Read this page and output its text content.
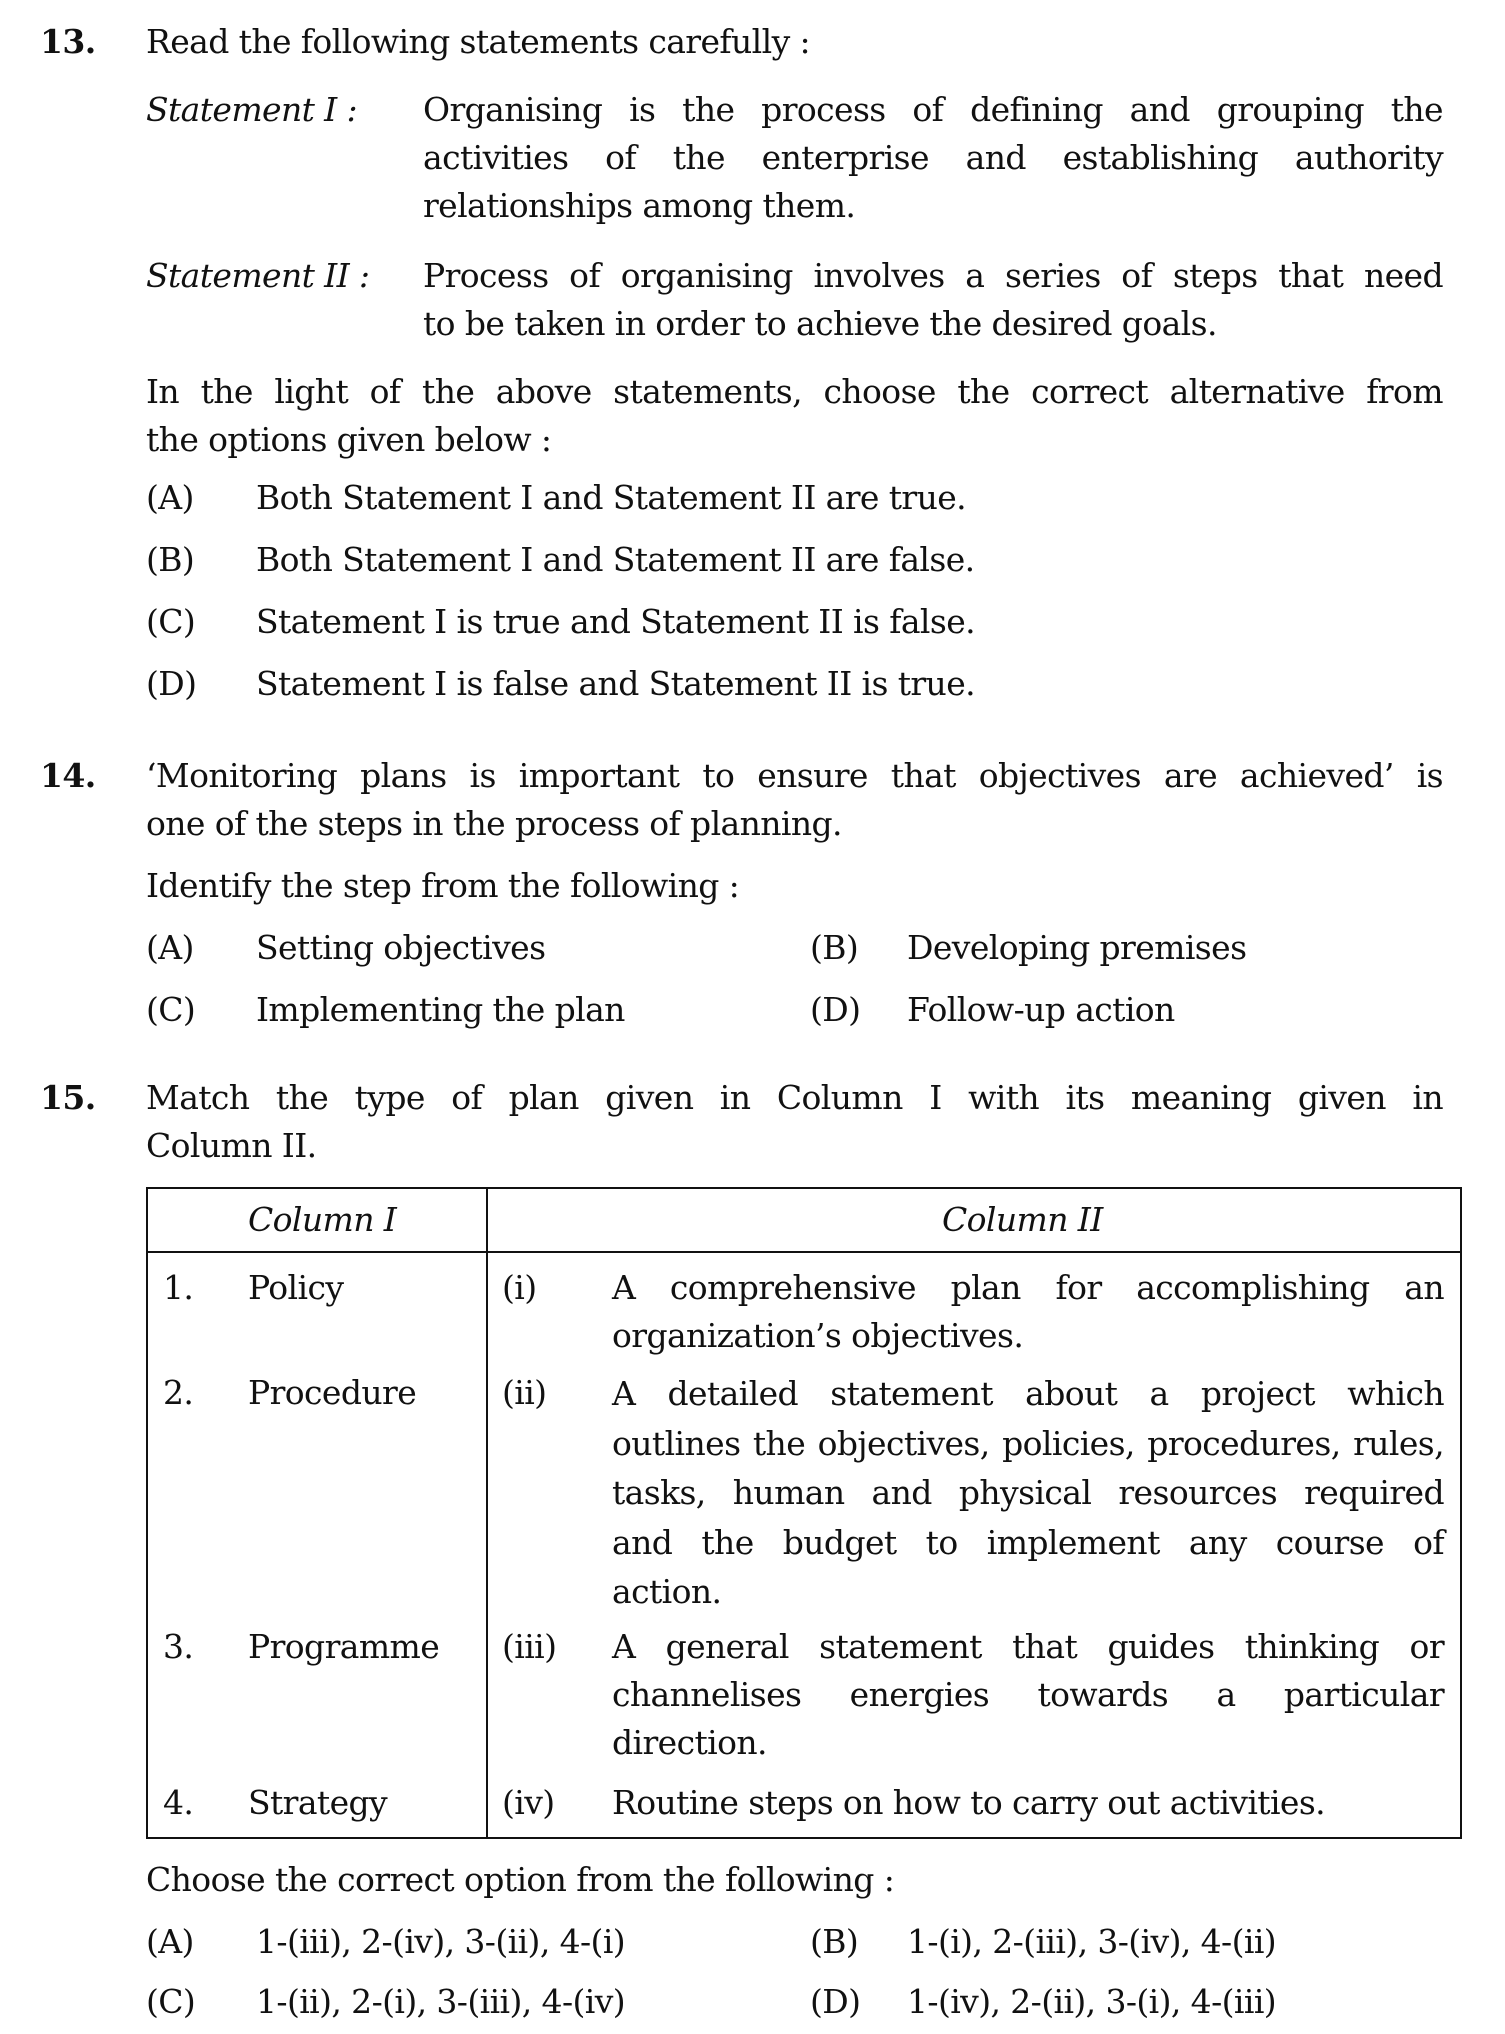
13. Read the following statements carefully :
Statement I : Organising is the process of defining and grouping the
activities of the enterprise and establishing authority
relationships among them.
Statement II : Process of organising involves a series of steps that need
to be taken in order to achieve the desired goals.
In the light of the above statements, choose the correct alternative from
the options given below :
(A) Both Statement I and Statement II are true.
(B) Both Statement I and Statement II are false.
(C) Statement I is true and Statement II is false.
(D) Statement I is false and Statement II is true.
14. ‘Monitoring plans is important to ensure that objectives are achieved’ is
one of the steps in the process of planning.
Identify the step from the following :
(A) Setting objectives	(B) Developing premises
(C) Implementing the plan	(D) Follow-up action
15. Match the type of plan given in Column I with its meaning given in
Column II.
Column I	Column II
1. Policy	(i) A comprehensive plan for accomplishing an
organization’s objectives.
2. Procedure	(ii) A detailed statement about a project which
outlines the objectives, policies, procedures, rules,
tasks, human and physical resources required
and the budget to implement any course of
action.
3. Programme (iii) A general statement that guides thinking or
channelises energies towards a particular
direction.
4. Strategy	(iv) Routine steps on how to carry out activities.
Choose the correct option from the following :
(A) 1-(iii), 2-(iv), 3-(ii), 4-(i)	(B) 1-(i), 2-(iii), 3-(iv), 4-(ii)
(C) 1-(ii), 2-(i), 3-(iii), 4-(iv)	(D) 1-(iv), 2-(ii), 3-(i), 4-(iii)
